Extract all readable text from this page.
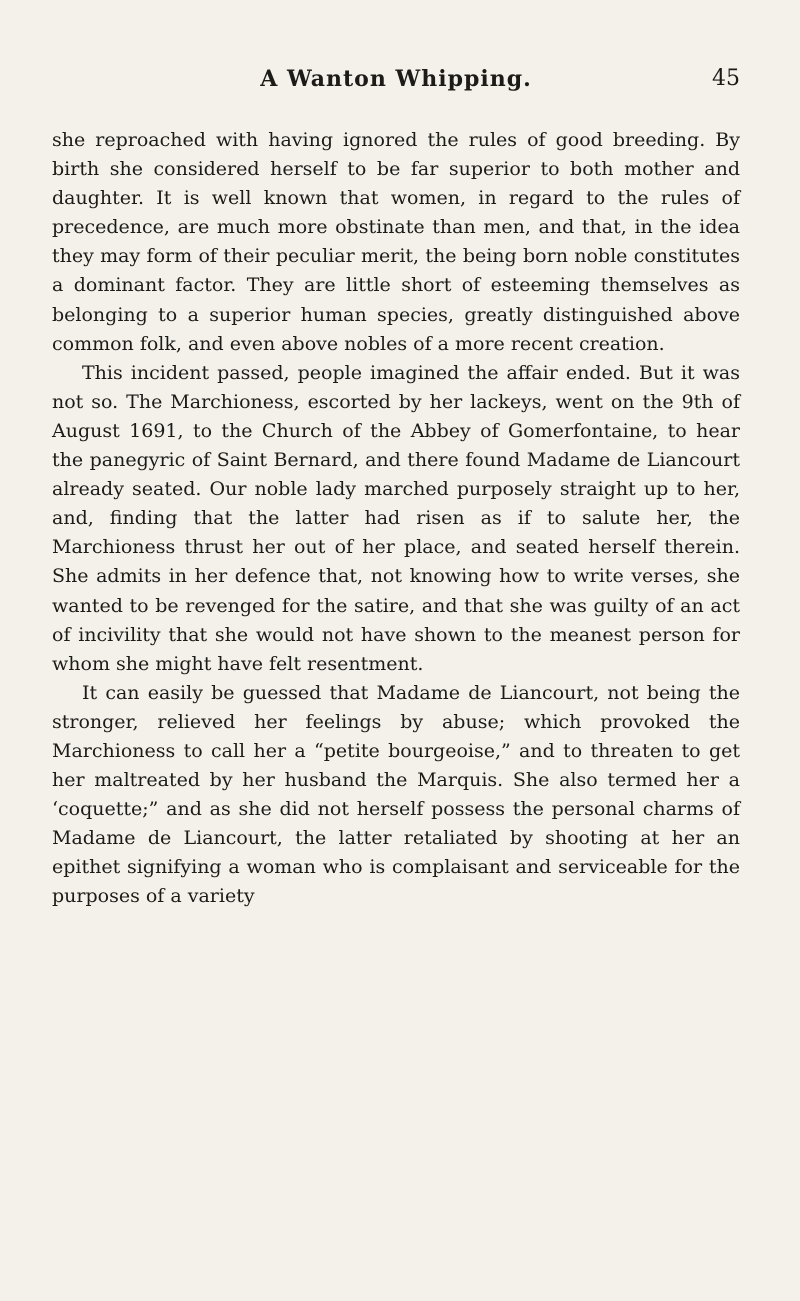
A Wanton Whipping.	45

she reproached with having ignored the rules of good breeding. By birth she considered herself to be far superior to both mother and daughter. It is well known that women, in regard to the rules of precedence, are much more obstinate than men, and that, in the idea they may form of their peculiar merit, the being born noble constitutes a dominant factor. They are little short of esteeming themselves as belonging to a superior human species, greatly distinguished above common folk, and even above nobles of a more recent creation.

This incident passed, people imagined the affair ended. But it was not so. The Marchioness, escorted by her lackeys, went on the 9th of August 1691, to the Church of the Abbey of Gomerfontaine, to hear the panegyric of Saint Bernard, and there found Madame de Liancourt already seated. Our noble lady marched purposely straight up to her, and, finding that the latter had risen as if to salute her, the Marchioness thrust her out of her place, and seated herself therein. She admits in her defence that, not knowing how to write verses, she wanted to be revenged for the satire, and that she was guilty of an act of incivility that she would not have shown to the meanest person for whom she might have felt resentment.

It can easily be guessed that Madame de Liancourt, not being the stronger, relieved her feelings by abuse; which provoked the Marchioness to call her a “petite bourgeoise,” and to threaten to get her maltreated by her husband the Marquis. She also termed her a ‘coquette;” and as she did not herself possess the personal charms of Madame de Liancourt, the latter retaliated by shooting at her an epithet signifying a woman who is complaisant and serviceable for the purposes of a variety
